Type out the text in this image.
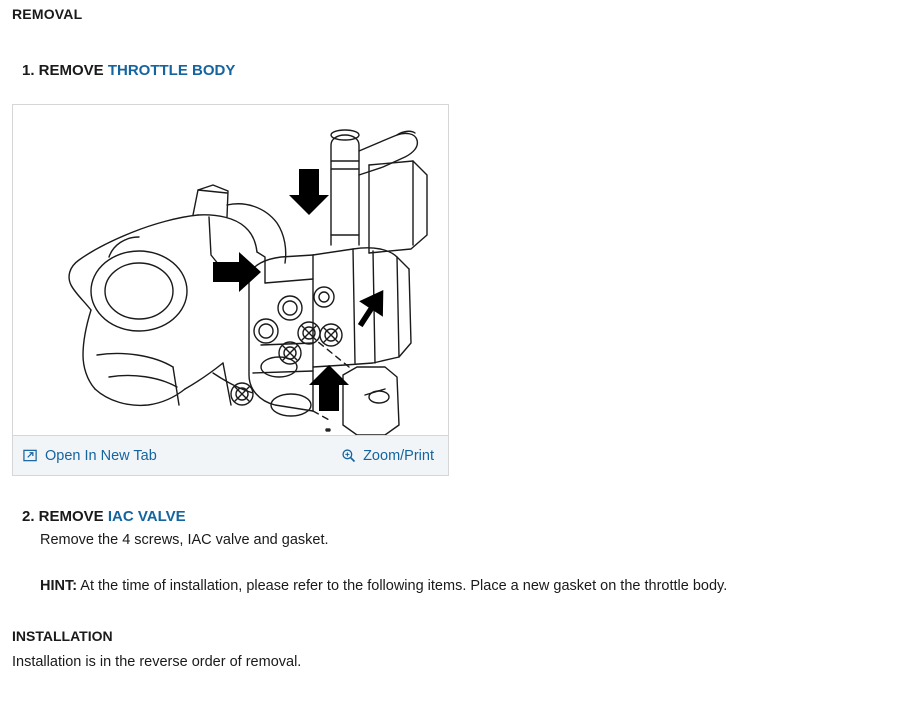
REMOVAL
1. REMOVE THROTTLE BODY
Open In New Tab	Zoom/Print
2. REMOVE IAC VALVE
Remove the 4 screws, IAC valve and gasket.
HINT: At the time of installation, please refer to the following items. Place a new gasket on the throttle body.
INSTALLATION
Installation is in the reverse order of removal.
